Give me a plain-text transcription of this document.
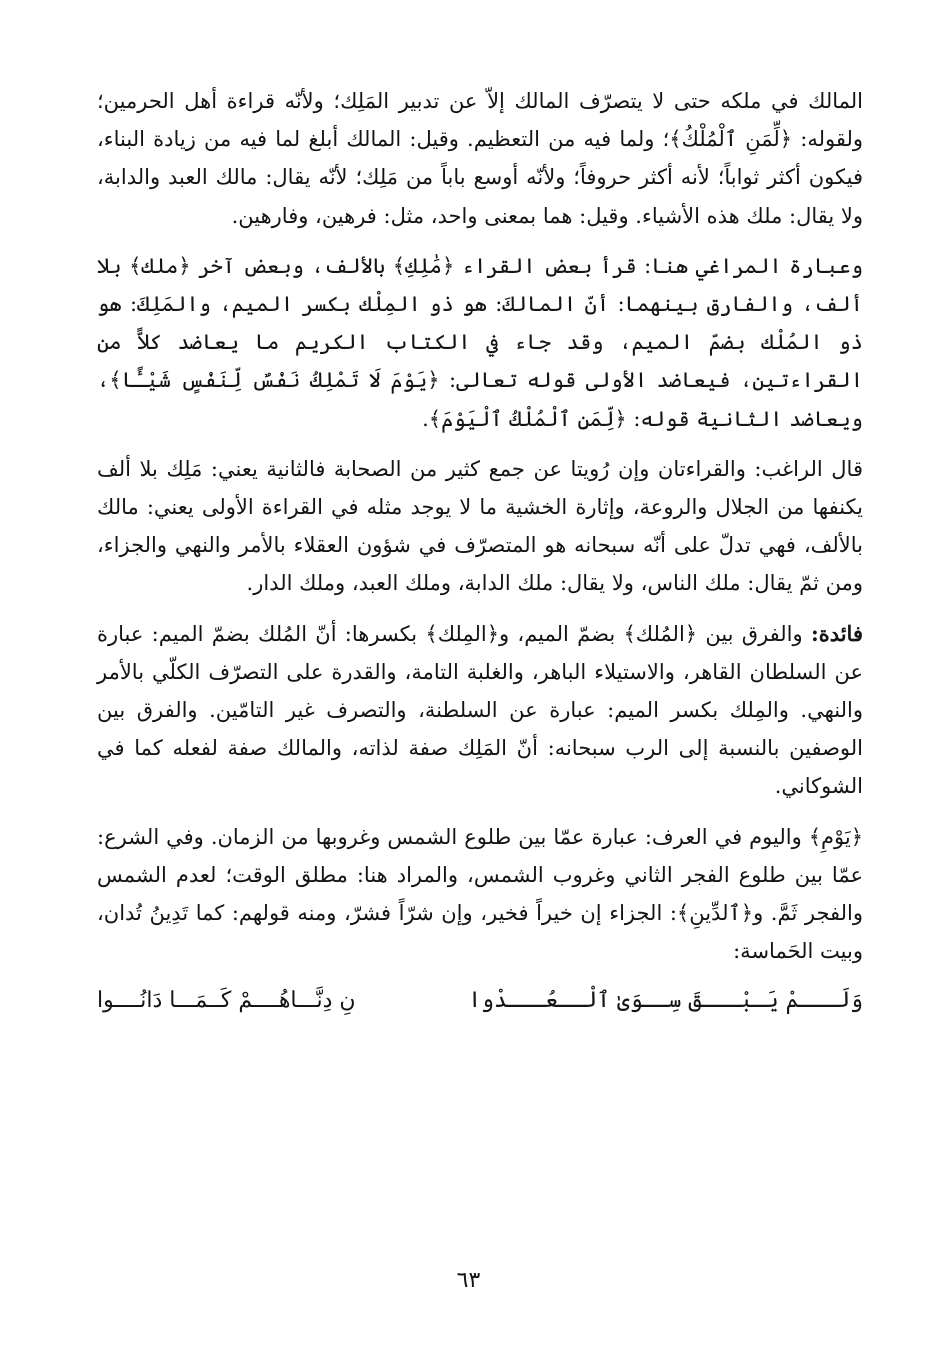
المالك في ملكه حتى لا يتصرّف المالك إلاّ عن تدبير المَلِك؛ ولأنّه قراءة أهل الحرمين؛ ولقوله: ﴿لِّمَنِ ٱلْمُلْكُ﴾؛ ولما فيه من التعظيم. وقيل: المالك أبلغ لما فيه من زيادة البناء، فيكون أكثر ثواباً؛ لأنه أكثر حروفاً؛ ولأنّه أوسع باباً من مَلِك؛ لأنّه يقال: مالك العبد والدابة، ولا يقال: ملك هذه الأشياء. وقيل: هما بمعنى واحد، مثل: فرهين، وفارهين.

وعبارة المراغي هنا: قرأ بعض القراء ﴿مَٰلِكِ﴾ بالألف، وبعض آخر ﴿ملك﴾ بلا ألف، والفارق بينهما: أنّ المالكَ: هو ذو المِلْك بكسر الميم، والمَلِكَ: هو ذو المُلْك بضمّ الميم، وقد جاء في الكتاب الكريم ما يعاضد كلاًّ من القراءتين، فيعاضد الأولى قوله تعالى: ﴿يَوْمَ لَا تَمْلِكُ نَفْسٌ لِّنَفْسٍ شَيْـًٔا﴾، ويعاضد الثانية قوله: ﴿لِّمَنِ ٱلْمُلْكُ ٱلْيَوْمَ﴾.

قال الراغب: والقراءتان وإن رُويتا عن جمع كثير من الصحابة فالثانية يعني: مَلِك بلا ألف يكنفها من الجلال والروعة، وإثارة الخشية ما لا يوجد مثله في القراءة الأولى يعني: مالك بالألف، فهي تدلّ على أنّه سبحانه هو المتصرّف في شؤون العقلاء بالأمر والنهي والجزاء، ومن ثمّ يقال: ملك الناس، ولا يقال: ملك الدابة، وملك العبد، وملك الدار.

فائدة: والفرق بين ﴿المُلك﴾ بضمّ الميم، و﴿المِلك﴾ بكسرها: أنّ المُلك بضمّ الميم: عبارة عن السلطان القاهر، والاستيلاء الباهر، والغلبة التامة، والقدرة على التصرّف الكلّي بالأمر والنهي. والمِلك بكسر الميم: عبارة عن السلطنة، والتصرف غير التامّين. والفرق بين الوصفين بالنسبة إلى الرب سبحانه: أنّ المَلِك صفة لذاته، والمالك صفة لفعله كما في الشوكاني.

﴿يَوْمِ﴾ واليوم في العرف: عبارة عمّا بين طلوع الشمس وغروبها من الزمان. وفي الشرع: عمّا بين طلوع الفجر الثاني وغروب الشمس، والمراد هنا: مطلق الوقت؛ لعدم الشمس والفجر ثَمَّ. و﴿ٱلدِّينِ﴾: الجزاء إن خيراً فخير، وإن شرّاً فشرّ، ومنه قولهم: كما تَدِينُ تُدان، وبيت الحَماسة:

وَلَـــمْ يَـبْـــقَ سِــوَىٰ ٱلْــعُـــدْوا
نِ دِنَّـــاهُــــمْ كَــمَـــا دَانُــــوا
٦٣
